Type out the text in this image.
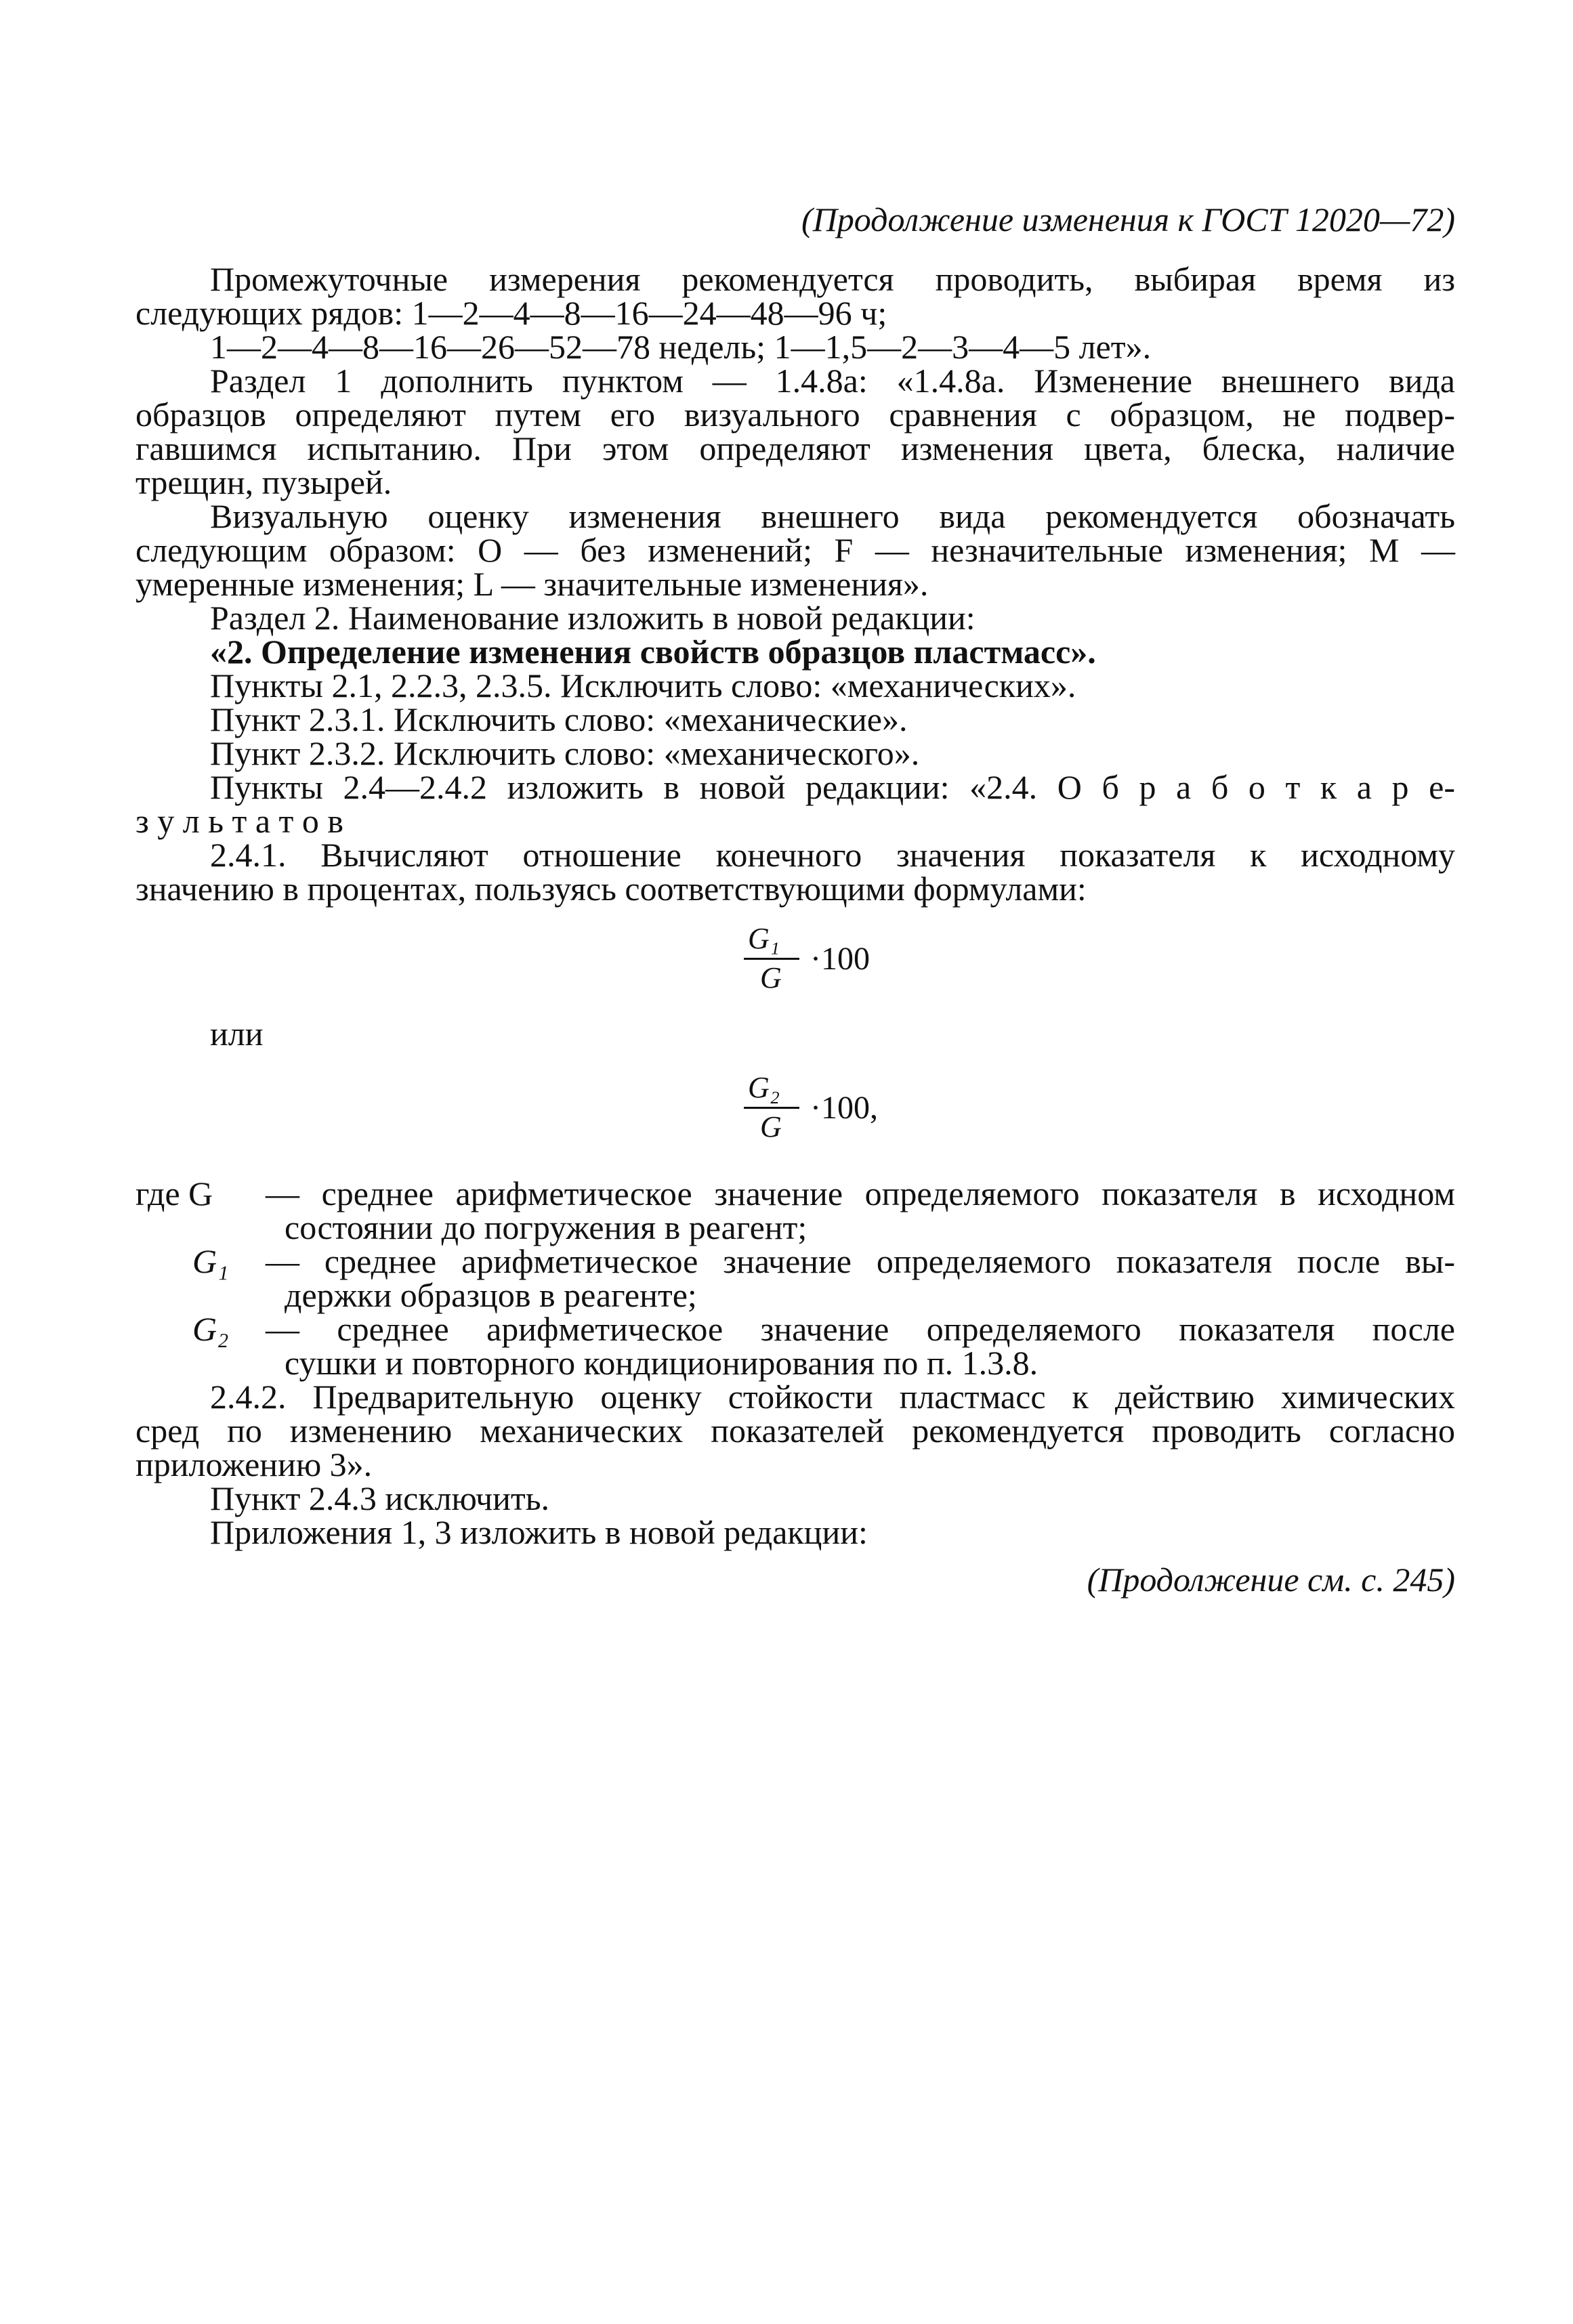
(Продолжение изменения к ГОСТ 12020—72)
Промежуточные измерения рекомендуется проводить, выбирая время из
следующих рядов: 1—2—4—8—16—24—48—96 ч;
1—2—4—8—16—26—52—78 недель; 1—1,5—2—3—4—5 лет».
Раздел 1 дополнить пунктом — 1.4.8а: «1.4.8а. Изменение внешнего вида
образцов определяют путем его визуального сравнения с образцом, не подвер-
гавшимся испытанию. При этом определяют изменения цвета, блеска, наличие
трещин, пузырей.
Визуальную оценку изменения внешнего вида рекомендуется обозначать
следующим образом: О — без изменений; F — незначительные изменения; М —
умеренные изменения; L — значительные изменения».
Раздел 2. Наименование изложить в новой редакции:
«2. Определение изменения свойств образцов пластмасс».
Пункты 2.1, 2.2.3, 2.3.5. Исключить слово: «механических».
Пункт 2.3.1. Исключить слово: «механические».
Пункт 2.3.2. Исключить слово: «механического».
Пункты 2.4—2.4.2 изложить в новой редакции: «2.4. О б р а б о т к а р е-
з у л ь т а т о в
2.4.1. Вычисляют отношение конечного значения показателя к исходному
значению в процентах, пользуясь соответствующими формулами:
G₁
G
·100
или
G₂
G
·100,
где G — среднее арифметическое значение определяемого показателя в исходном
состоянии до погружения в реагент;
G₁ — среднее арифметическое значение определяемого показателя после вы-
держки образцов в реагенте;
G₂ — среднее арифметическое значение определяемого показателя после
сушки и повторного кондиционирования по п. 1.3.8.
2.4.2. Предварительную оценку стойкости пластмасс к действию химических
сред по изменению механических показателей рекомендуется проводить согласно
приложению 3».
Пункт 2.4.3 исключить.
Приложения 1, 3 изложить в новой редакции:
(Продолжение см. с. 245)
